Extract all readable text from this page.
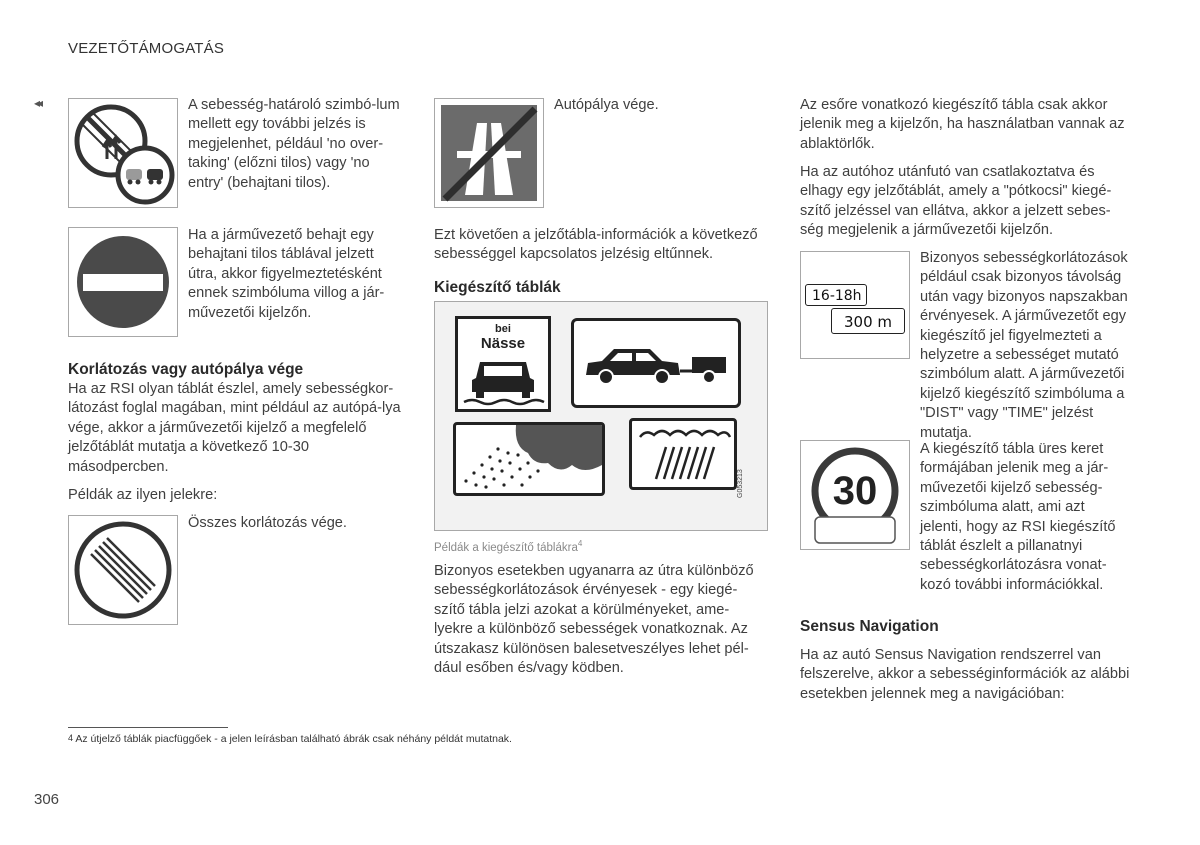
VEZETŐTÁMOGATÁS
◂◂	A sebesség-határoló szimbó-lum mellett egy további jelzés is megjelenhet, például 'no over-taking' (előzni tilos) vagy 'no entry' (behajtani tilos).

Ha a járművezető behajt egy behajtani tilos táblával jelzett útra, akkor figyelmeztetésként ennek szimbóluma villog a jár-művezetői kijelzőn.

Korlátozás vagy autópálya vége

Ha az RSI olyan táblát észlel, amely sebességkor-látozást foglal magában, mint például az autópá-lya vége, akkor a járművezetői kijelző a megfelelő jelzőtáblát mutatja a következő 10-30 másodpercben.

Példák az ilyen jelekre:

Összes korlátozás vége.

Autópálya vége.

Ezt követően a jelzőtábla-információk a következő sebességgel kapcsolatos jelzésig eltűnnek.

Kiegészítő táblák
bei
Nässe
G053213
Példák a kiegészítő táblákra$^4$

Bizonyos esetekben ugyanarra az útra különböző sebességkorlátozások érvényesek - egy kiegé-szítő tábla jelzi azokat a körülményeket, ame-lyekre a különböző sebességek vonatkoznak. Az útszakasz különösen balesetveszélyes lehet pél-dául esőben és/vagy ködben.

Az esőre vonatkozó kiegészítő tábla csak akkor jelenik meg a kijelzőn, ha használatban vannak az ablaktörlők.

Ha az autóhoz utánfutó van csatlakoztatva és elhagy egy jelzőtáblát, amely a "pótkocsi" kiegé-szítő jelzéssel van ellátva, akkor a jelzett sebes-ség megjelenik a járművezetői kijelzőn.

16-18h
300 m

Bizonyos sebességkorlátozások például csak bizonyos távolság után vagy bizonyos napszakban érvényesek. A járművezetőt egy kiegészítő jel figyelmezteti a helyzetre a sebességet mutató szimbólum alatt. A járművezetői kijelző kiegészítő szimbóluma a "DIST" vagy "TIME" jelzést mutatja.

30

A kiegészítő tábla üres keret formájában jelenik meg a jár-művezetői kijelző sebesség-szimbóluma alatt, ami azt jelenti, hogy az RSI kiegészítő táblát észlelt a pillanatnyi sebességkorlátozásra vonat-kozó további információkkal.

Sensus Navigation

Ha az autó Sensus Navigation rendszerrel van felszerelve, akkor a sebességinformációk az alábbi esetekben jelennek meg a navigációban:

4 Az útjelző táblák piacfüggőek - a jelen leírásban található ábrák csak néhány példát mutatnak.
306
